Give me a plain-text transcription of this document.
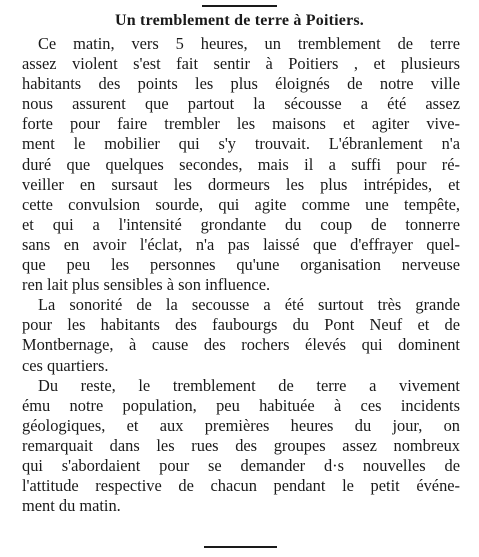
Un tremblement de terre à Poitiers.
Ce matin, vers 5 heures, un tremblement de terre
assez violent s'est fait sentir à Poitiers , et plusieurs
habitants des points les plus éloignés de notre ville
nous assurent que partout la sécousse a été assez
forte pour faire trembler les maisons et agiter vive-
ment le mobilier qui s'y trouvait. L'ébranlement n'a
duré que quelques secondes, mais il a suffi pour ré-
veiller en sursaut les dormeurs les plus intrépides, et
cette convulsion sourde, qui agite comme une tempête,
et qui a l'intensité grondante du coup de tonnerre
sans en avoir l'éclat, n'a pas laissé que d'effrayer quel-
que peu les personnes qu'une organisation nerveuse
ren lait plus sensibles à son influence.
La sonorité de la secousse a été surtout très grande
pour les habitants des faubourgs du Pont Neuf et de
Montbernage, à cause des rochers élevés qui dominent
ces quartiers.
Du reste, le tremblement de terre a vivement
ému notre population, peu habituée à ces incidents
géologiques, et aux premières heures du jour, on
remarquait dans les rues des groupes assez nombreux
qui s'abordaient pour se demander d·s nouvelles de
l'attitude respective de chacun pendant le petit événe-
ment du matin.
